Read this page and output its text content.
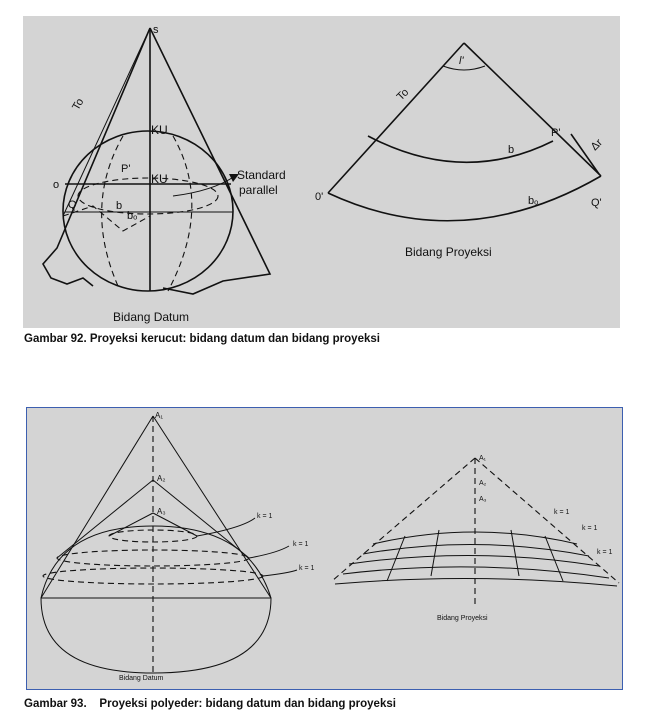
s
To
KU
KU
P'
o
Q	b
bₒ
Standard
parallel
Bidang Datum
l'
To
b
P'
Δr
0'	bₒ	Q'
Bidang Proyeksi
Gambar 92. Proyeksi kerucut: bidang datum dan bidang proyeksi
A₁
A₂
A₃
k = 1
k = 1
k = 1
Bidang Datum
A₁
A₂
A₃
k = 1
k = 1
k = 1
Bidang Proyeksi
Gambar 93.    Proyeksi polyeder: bidang datum dan bidang proyeksi
